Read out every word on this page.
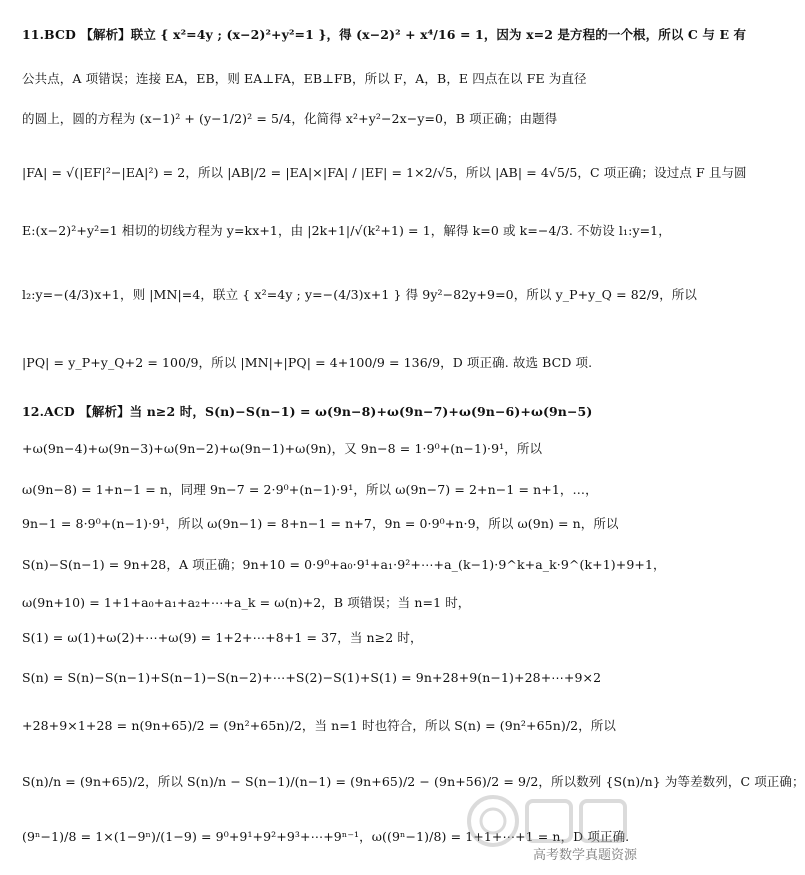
11.BCD 【解析】联立 { x²=4y ; (x−2)²+y²=1 }，得 (x−2)² + x⁴/16 = 1，因为 x=2 是方程的一个根，所以 C 与 E 有
公共点，A 项错误；连接 EA，EB，则 EA⊥FA，EB⊥FB，所以 F，A，B，E 四点在以 FE 为直径
的圆上，圆的方程为 (x−1)² + (y−1/2)² = 5/4，化简得 x²+y²−2x−y=0，B 项正确；由题得
|FA| = √(|EF|²−|EA|²) = 2，所以 |AB|/2 = |EA|×|FA| / |EF| = 1×2/√5，所以 |AB| = 4√5/5，C 项正确；设过点 F 且与圆
E:(x−2)²+y²=1 相切的切线方程为 y=kx+1，由 |2k+1|/√(k²+1) = 1，解得 k=0 或 k=−4/3. 不妨设 l₁:y=1，
l₂:y=−(4/3)x+1，则 |MN|=4，联立 { x²=4y ; y=−(4/3)x+1 } 得 9y²−82y+9=0，所以 y_P+y_Q = 82/9，所以
|PQ| = y_P+y_Q+2 = 100/9，所以 |MN|+|PQ| = 4+100/9 = 136/9，D 项正确. 故选 BCD 项.
12.ACD 【解析】当 n≥2 时，S(n)−S(n−1) = ω(9n−8)+ω(9n−7)+ω(9n−6)+ω(9n−5)
+ω(9n−4)+ω(9n−3)+ω(9n−2)+ω(9n−1)+ω(9n)，又 9n−8 = 1·9⁰+(n−1)·9¹，所以
ω(9n−8) = 1+n−1 = n，同理 9n−7 = 2·9⁰+(n−1)·9¹，所以 ω(9n−7) = 2+n−1 = n+1，…，
9n−1 = 8·9⁰+(n−1)·9¹，所以 ω(9n−1) = 8+n−1 = n+7，9n = 0·9⁰+n·9，所以 ω(9n) = n，所以
S(n)−S(n−1) = 9n+28，A 项正确；9n+10 = 0·9⁰+a₀·9¹+a₁·9²+⋯+a_(k−1)·9^k+a_k·9^(k+1)+9+1，
ω(9n+10) = 1+1+a₀+a₁+a₂+⋯+a_k = ω(n)+2，B 项错误；当 n=1 时，
S(1) = ω(1)+ω(2)+⋯+ω(9) = 1+2+⋯+8+1 = 37，当 n≥2 时，
S(n) = S(n)−S(n−1)+S(n−1)−S(n−2)+⋯+S(2)−S(1)+S(1) = 9n+28+9(n−1)+28+⋯+9×2
+28+9×1+28 = n(9n+65)/2 = (9n²+65n)/2，当 n=1 时也符合，所以 S(n) = (9n²+65n)/2，所以
S(n)/n = (9n+65)/2，所以 S(n)/n − S(n−1)/(n−1) = (9n+65)/2 − (9n+56)/2 = 9/2，所以数列 {S(n)/n} 为等差数列，C 项正确；
(9ⁿ−1)/8 = 1×(1−9ⁿ)/(1−9) = 9⁰+9¹+9²+9³+⋯+9ⁿ⁻¹，ω((9ⁿ−1)/8) = 1+1+⋯+1 = n，D 项正确.
高考数学真题资源
